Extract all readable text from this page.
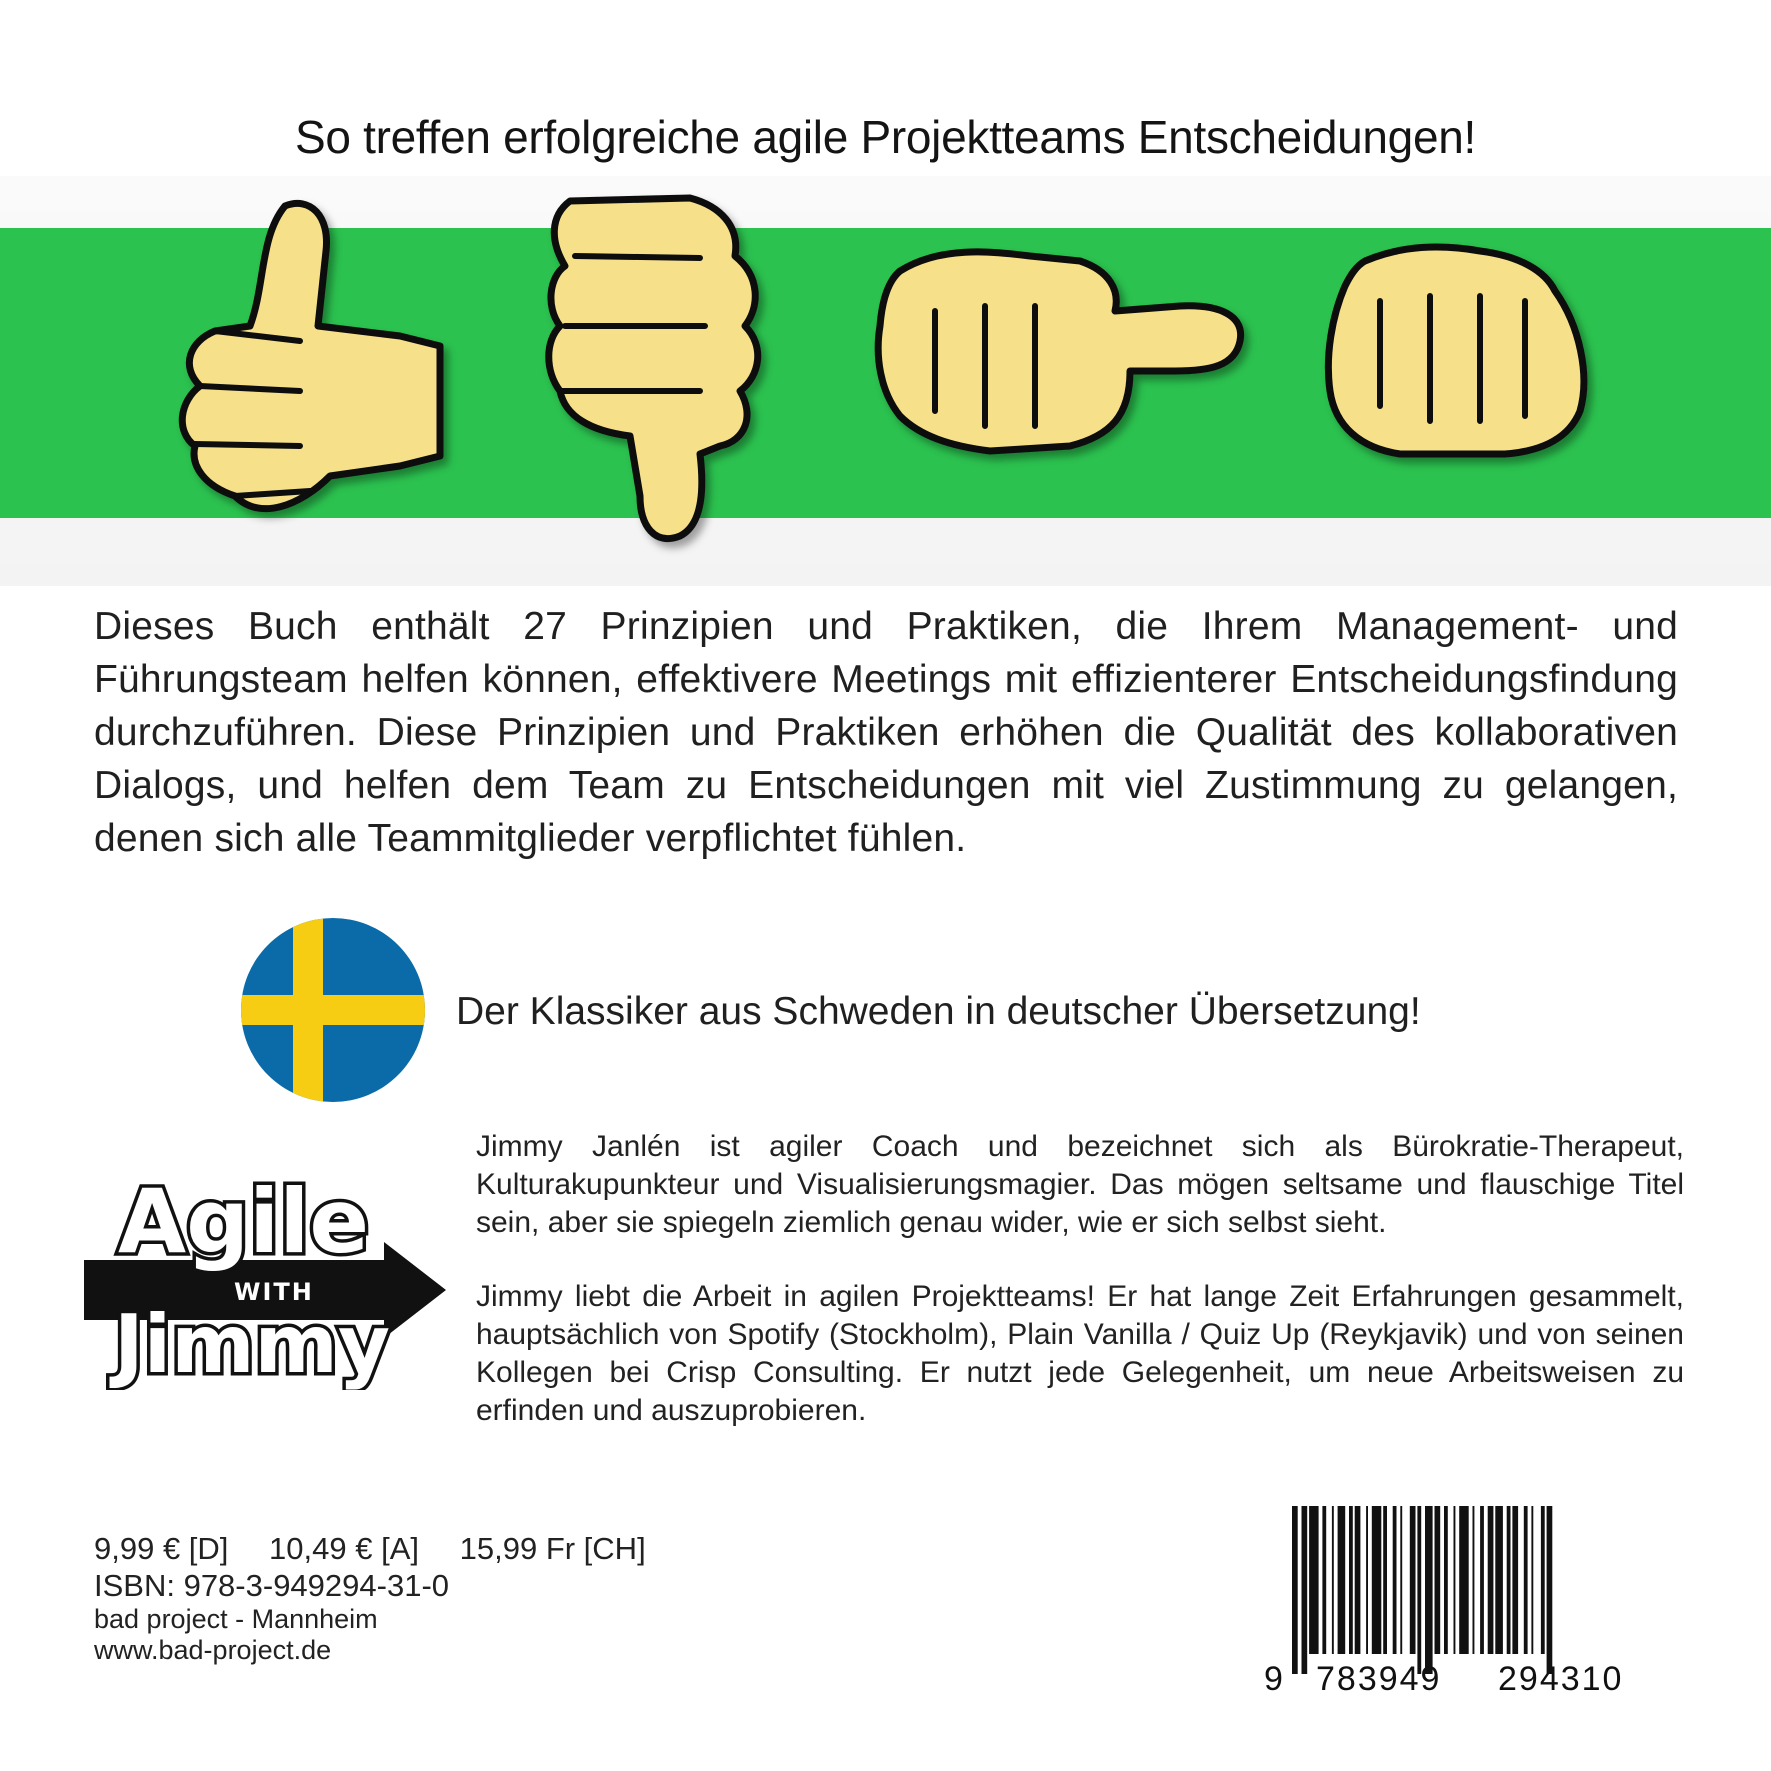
So treffen erfolgreiche agile Projektteams Entscheidungen!
Dieses Buch enthält 27 Prinzipien und Praktiken, die Ihrem Management- und Führungsteam helfen können, effektivere Meetings mit effizienterer Entscheidungsfindung durchzuführen. Diese Prinzipien und Praktiken erhöhen die Qualität des kollaborativen Dialogs, und helfen dem Team zu Entscheidungen mit viel Zustimmung zu gelangen, denen sich alle Teammitglieder verpflichtet fühlen.
Der Klassiker aus Schweden in deutscher Übersetzung!
Agile
WITH
Jimmy

Jimmy Janlén ist agiler Coach und bezeichnet sich als Bürokratie-Therapeut, Kulturakupunkteur und Visualisierungsmagier. Das mögen seltsame und flauschige Titel sein, aber sie spiegeln ziemlich genau wider, wie er sich selbst sieht.

Jimmy liebt die Arbeit in agilen Projektteams! Er hat lange Zeit Erfahrungen gesammelt, hauptsächlich von Spotify (Stockholm), Plain Vanilla / Quiz Up (Reykjavik) und von seinen Kollegen bei Crisp Consulting. Er nutzt jede Gelegenheit, um neue Arbeitsweisen zu erfinden und auszuprobieren.

9,99 € [D] 10,49 € [A] 15,99 Fr [CH]
ISBN: 978-3-949294-31-0
bad project - Mannheim
www.bad-project.de
9 783949 294310
